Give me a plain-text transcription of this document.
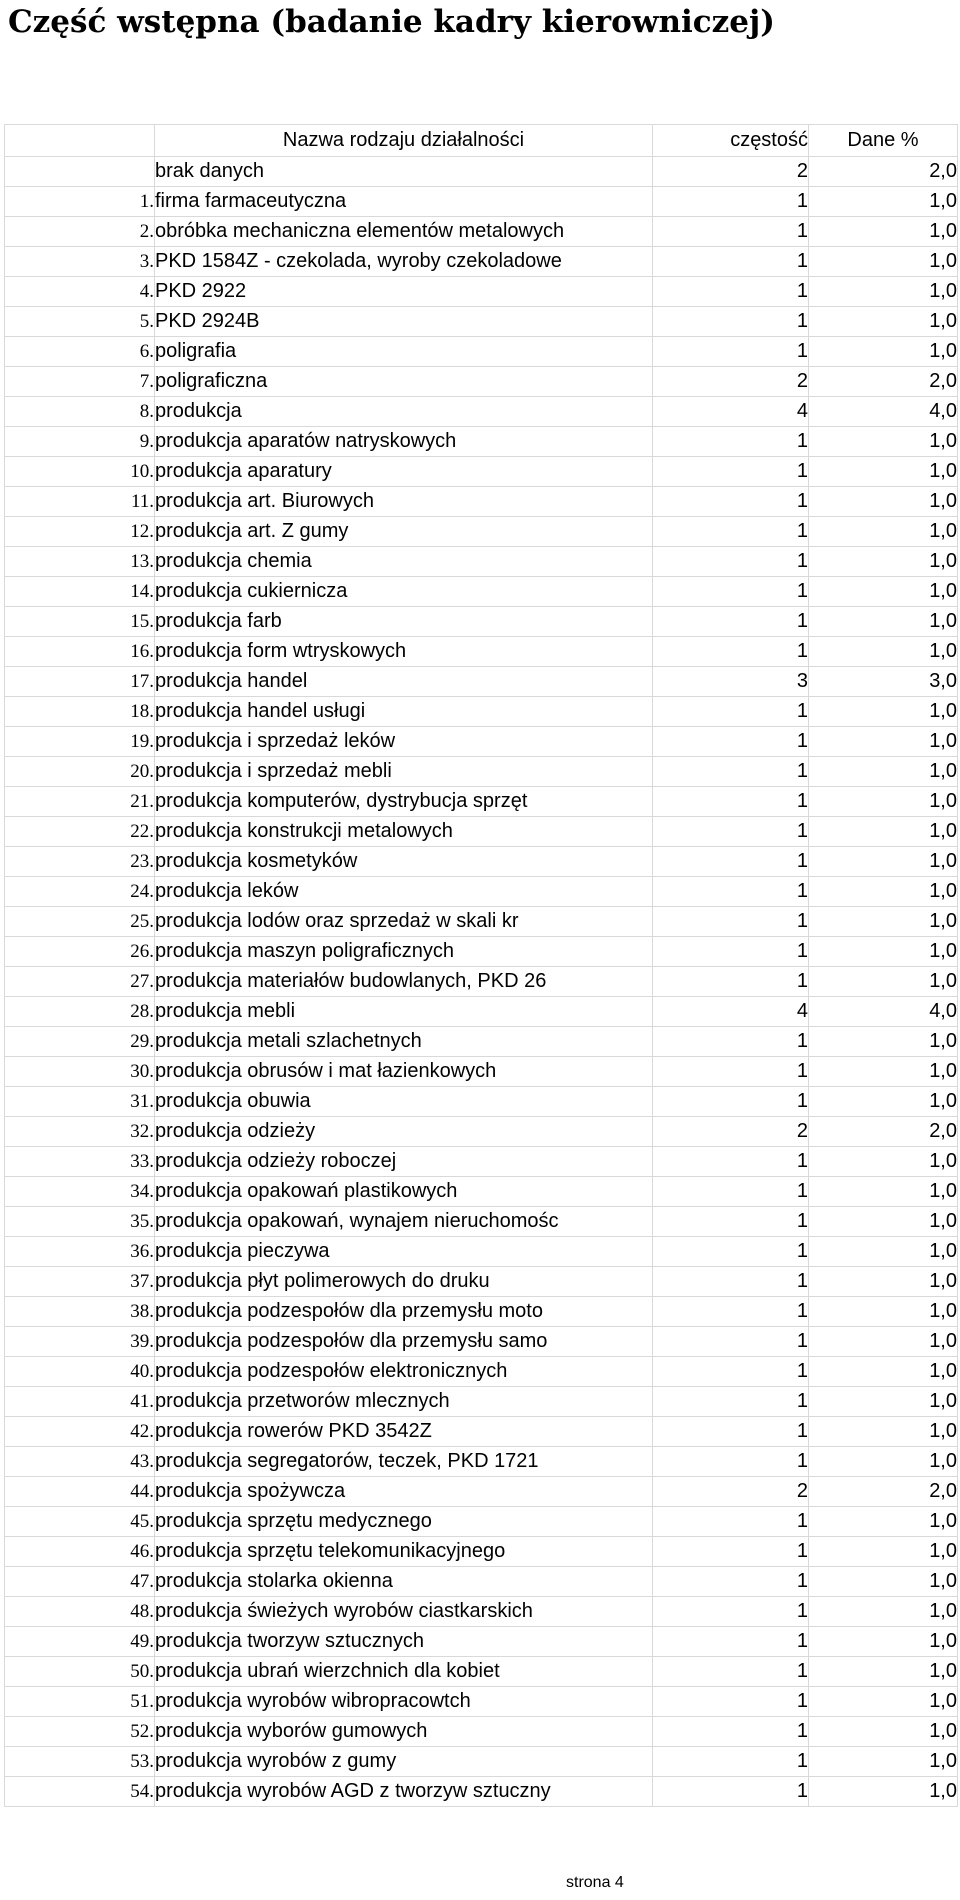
Część wstępna (badanie kadry kierowniczej)
	Nazwa rodzaju działalności	częstość	Dane %
	brak danych	2	2,0
1.	firma farmaceutyczna	1	1,0
2.	obróbka mechaniczna elementów metalowych	1	1,0
3.	PKD 1584Z - czekolada, wyroby czekoladowe	1	1,0
4.	PKD 2922	1	1,0
5.	PKD 2924B	1	1,0
6.	poligrafia	1	1,0
7.	poligraficzna	2	2,0
8.	produkcja	4	4,0
9.	produkcja aparatów natryskowych	1	1,0
10.	produkcja aparatury	1	1,0
11.	produkcja art. Biurowych	1	1,0
12.	produkcja art. Z gumy	1	1,0
13.	produkcja chemia	1	1,0
14.	produkcja cukiernicza	1	1,0
15.	produkcja farb	1	1,0
16.	produkcja form wtryskowych	1	1,0
17.	produkcja handel	3	3,0
18.	produkcja handel usługi	1	1,0
19.	produkcja i sprzedaż leków	1	1,0
20.	produkcja i sprzedaż mebli	1	1,0
21.	produkcja komputerów, dystrybucja sprzęt	1	1,0
22.	produkcja konstrukcji metalowych	1	1,0
23.	produkcja kosmetyków	1	1,0
24.	produkcja leków	1	1,0
25.	produkcja lodów oraz sprzedaż w skali kr	1	1,0
26.	produkcja maszyn poligraficznych	1	1,0
27.	produkcja materiałów budowlanych, PKD 26	1	1,0
28.	produkcja mebli	4	4,0
29.	produkcja metali szlachetnych	1	1,0
30.	produkcja obrusów i mat łazienkowych	1	1,0
31.	produkcja obuwia	1	1,0
32.	produkcja odzieży	2	2,0
33.	produkcja odzieży roboczej	1	1,0
34.	produkcja opakowań plastikowych	1	1,0
35.	produkcja opakowań, wynajem nieruchomośc	1	1,0
36.	produkcja pieczywa	1	1,0
37.	produkcja płyt polimerowych do druku	1	1,0
38.	produkcja podzespołów dla przemysłu moto	1	1,0
39.	produkcja podzespołów dla przemysłu samo	1	1,0
40.	produkcja podzespołów elektronicznych	1	1,0
41.	produkcja przetworów mlecznych	1	1,0
42.	produkcja rowerów PKD 3542Z	1	1,0
43.	produkcja segregatorów, teczek, PKD 1721	1	1,0
44.	produkcja spożywcza	2	2,0
45.	produkcja sprzętu medycznego	1	1,0
46.	produkcja sprzętu telekomunikacyjnego	1	1,0
47.	produkcja stolarka okienna	1	1,0
48.	produkcja świeżych wyrobów ciastkarskich	1	1,0
49.	produkcja tworzyw sztucznych	1	1,0
50.	produkcja ubrań wierzchnich dla kobiet	1	1,0
51.	produkcja wyrobów wibropracowtch	1	1,0
52.	produkcja wyborów gumowych	1	1,0
53.	produkcja wyrobów z gumy	1	1,0
54.	produkcja wyrobów AGD z tworzyw sztuczny	1	1,0
strona 4
